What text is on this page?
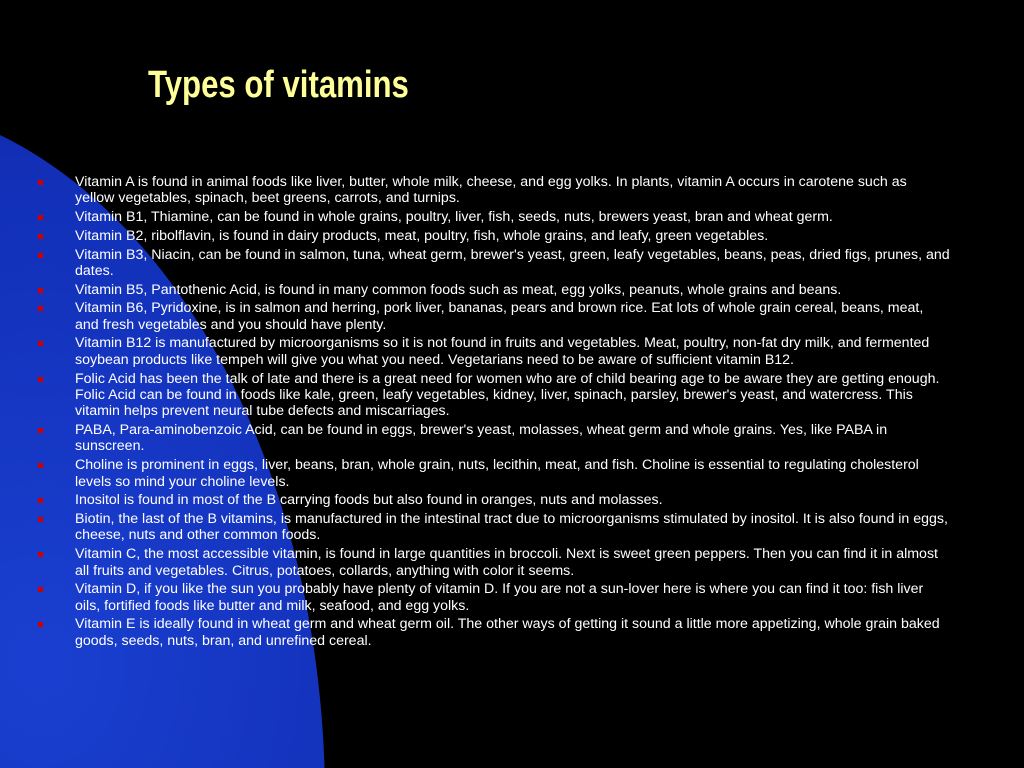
Types of vitamins
Vitamin A is found in animal foods like liver, butter, whole milk, cheese, and egg yolks. In plants, vitamin A occurs in carotene such as yellow vegetables, spinach, beet greens, carrots, and turnips.
Vitamin B1, Thiamine, can be found in whole grains, poultry, liver, fish, seeds, nuts, brewers yeast, bran and wheat germ.
Vitamin B2, ribolflavin, is found in dairy products, meat, poultry, fish, whole grains, and leafy, green vegetables.
Vitamin B3, Niacin, can be found in salmon, tuna, wheat germ, brewer's yeast, green, leafy vegetables, beans, peas, dried figs, prunes, and dates.
Vitamin B5, Pantothenic Acid, is found in many common foods such as meat, egg yolks, peanuts, whole grains and beans.
Vitamin B6, Pyridoxine, is in salmon and herring, pork liver, bananas, pears and brown rice. Eat lots of whole grain cereal, beans, meat, and fresh vegetables and you should have plenty.
Vitamin B12 is manufactured by microorganisms so it is not found in fruits and vegetables. Meat, poultry, non-fat dry milk, and fermented soybean products like tempeh will give you what you need. Vegetarians need to be aware of sufficient vitamin B12.
Folic Acid has been the talk of late and there is a great need for women who are of child bearing age to be aware they are getting enough. Folic Acid can be found in foods like kale, green, leafy vegetables, kidney, liver, spinach, parsley, brewer's yeast, and watercress. This vitamin helps prevent neural tube defects and miscarriages.
PABA, Para-aminobenzoic Acid, can be found in eggs, brewer's yeast, molasses, wheat germ and whole grains. Yes, like PABA in sunscreen.
Choline is prominent in eggs, liver, beans, bran, whole grain, nuts, lecithin, meat, and fish. Choline is essential to regulating cholesterol levels so mind your choline levels.
Inositol is found in most of the B carrying foods but also found in oranges, nuts and molasses.
Biotin, the last of the B vitamins, is manufactured in the intestinal tract due to microorganisms stimulated by inositol. It is also found in eggs, cheese, nuts and other common foods.
Vitamin C, the most accessible vitamin, is found in large quantities in broccoli. Next is sweet green peppers. Then you can find it in almost all fruits and vegetables. Citrus, potatoes, collards, anything with color it seems.
Vitamin D, if you like the sun you probably have plenty of vitamin D. If you are not a sun-lover here is where you can find it too: fish liver oils, fortified foods like butter and milk, seafood, and egg yolks.
Vitamin E is ideally found in wheat germ and wheat germ oil. The other ways of getting it sound a little more appetizing, whole grain baked goods, seeds, nuts, bran, and unrefined cereal.
